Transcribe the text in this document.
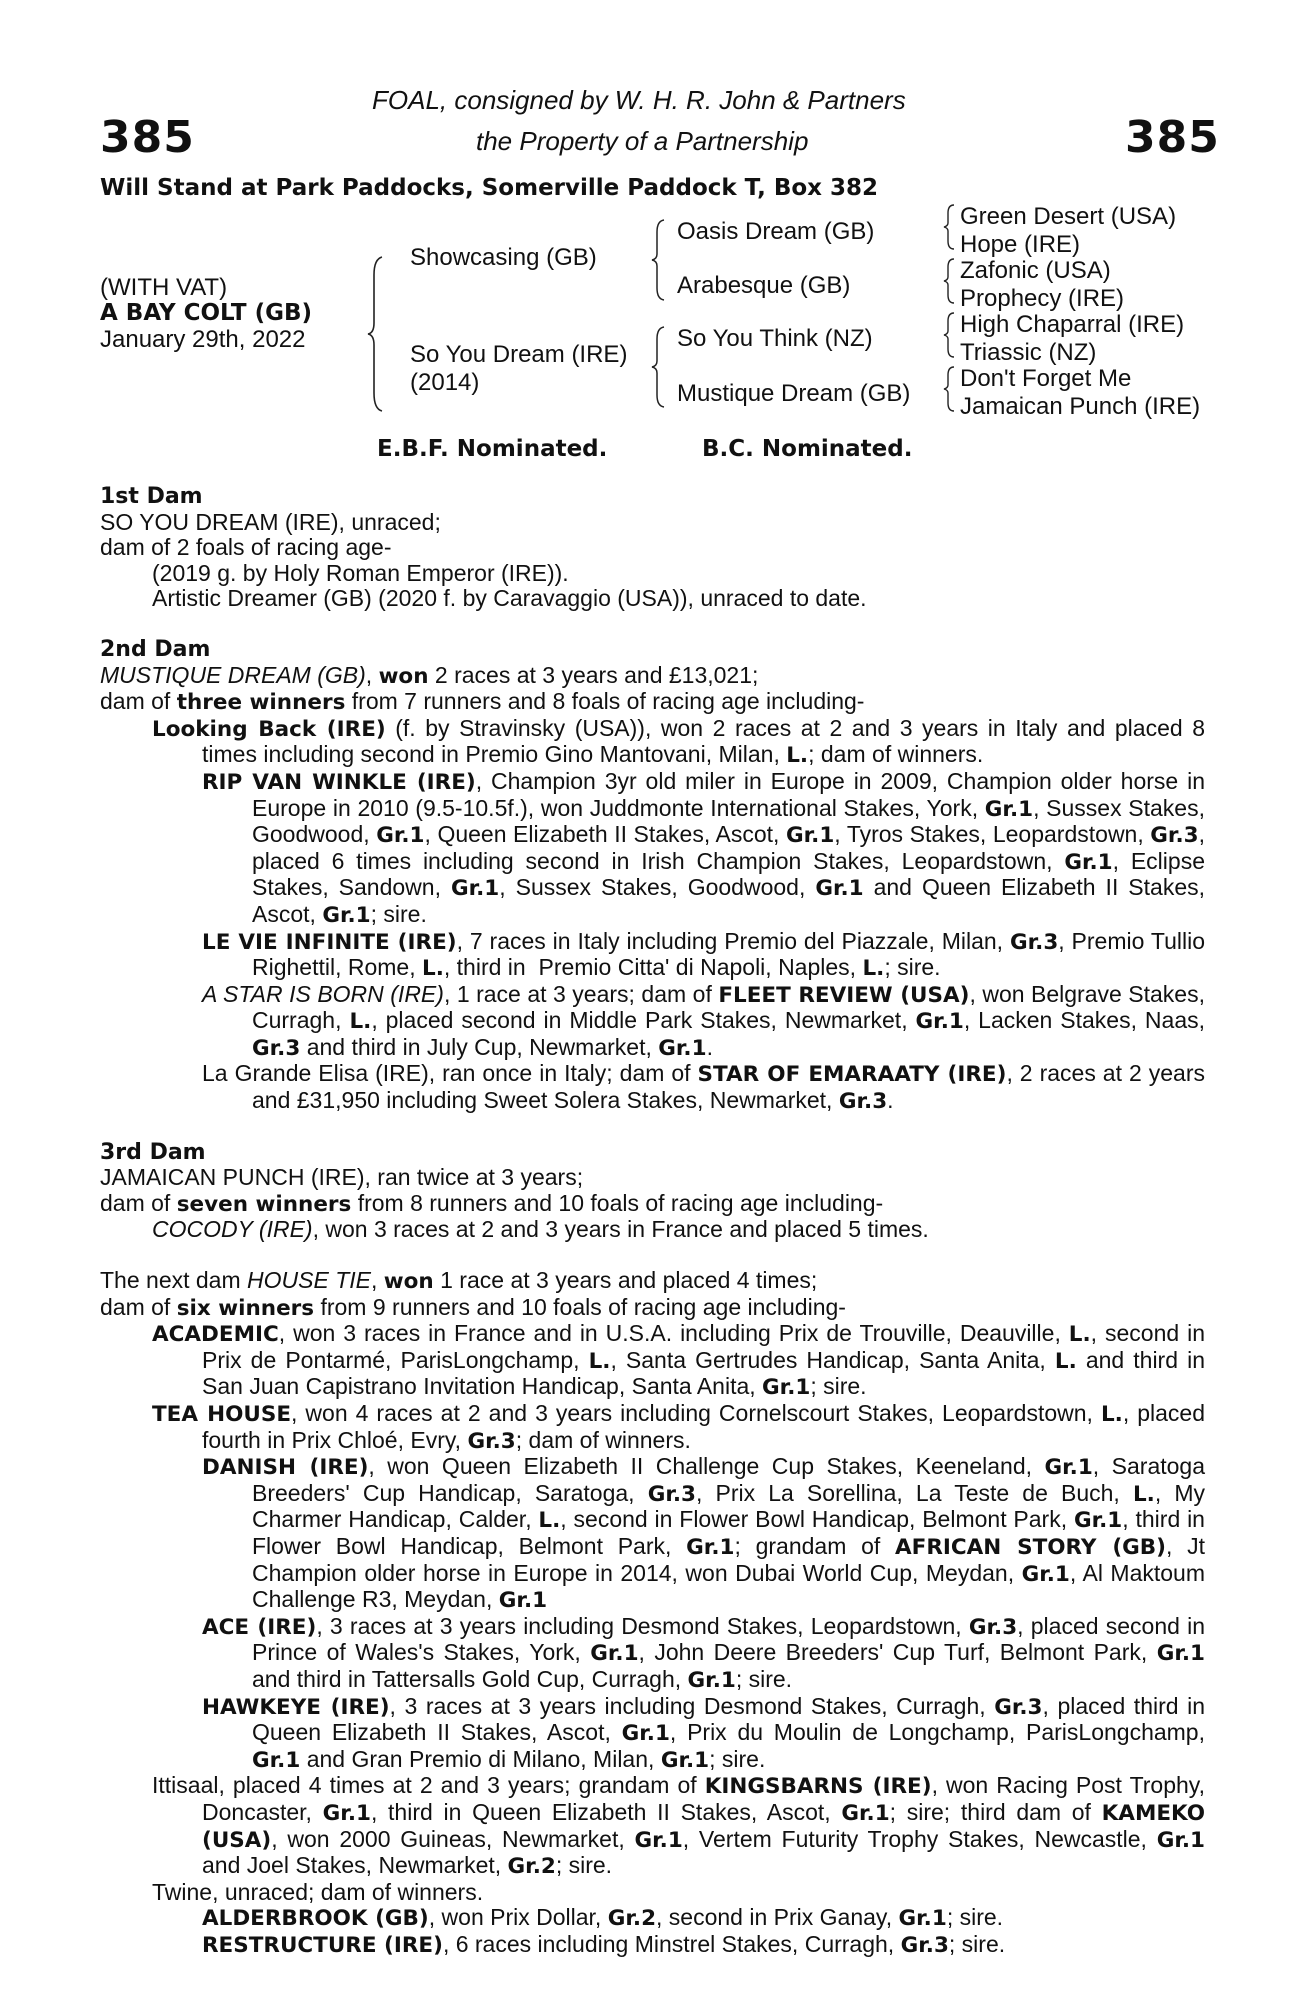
385	385
FOAL, consigned by W. H. R. John & Partners
the Property of a Partnership
Will Stand at Park Paddocks, Somerville Paddock T, Box 382
(WITH VAT)
A BAY COLT (GB)
January 29th, 2022
Showcasing (GB)
So You Dream (IRE)
(2014)
Oasis Dream (GB)
Arabesque (GB)
So You Think (NZ)
Mustique Dream (GB)
Green Desert (USA)
Hope (IRE)
Zafonic (USA)
Prophecy (IRE)
High Chaparral (IRE)
Triassic (NZ)
Don't Forget Me
Jamaican Punch (IRE)
E.B.F. Nominated.	B.C. Nominated.
1st Dam
SO YOU DREAM (IRE), unraced;
dam of 2 foals of racing age-
(2019 g. by Holy Roman Emperor (IRE)).
Artistic Dreamer (GB) (2020 f. by Caravaggio (USA)), unraced to date.
2nd Dam
MUSTIQUE DREAM (GB), won 2 races at 3 years and £13,021;
dam of three winners from 7 runners and 8 foals of racing age including-
Looking Back (IRE) (f. by Stravinsky (USA)), won 2 races at 2 and 3 years in Italy and placed 8 times including second in Premio Gino Mantovani, Milan, L.; dam of winners.
RIP VAN WINKLE (IRE), Champion 3yr old miler in Europe in 2009, Champion older horse in Europe in 2010 (9.5-10.5f.), won Juddmonte International Stakes, York, Gr.1, Sussex Stakes, Goodwood, Gr.1, Queen Elizabeth II Stakes, Ascot, Gr.1, Tyros Stakes, Leopardstown, Gr.3, placed 6 times including second in Irish Champion Stakes, Leopardstown, Gr.1, Eclipse Stakes, Sandown, Gr.1, Sussex Stakes, Goodwood, Gr.1 and Queen Elizabeth II Stakes, Ascot, Gr.1; sire.
LE VIE INFINITE (IRE), 7 races in Italy including Premio del Piazzale, Milan, Gr.3, Premio Tullio Righettil, Rome, L., third in  Premio Citta' di Napoli, Naples, L.; sire.
A STAR IS BORN (IRE), 1 race at 3 years; dam of FLEET REVIEW (USA), won Belgrave Stakes, Curragh, L., placed second in Middle Park Stakes, Newmarket, Gr.1, Lacken Stakes, Naas, Gr.3 and third in July Cup, Newmarket, Gr.1.
La Grande Elisa (IRE), ran once in Italy; dam of STAR OF EMARAATY (IRE), 2 races at 2 years and £31,950 including Sweet Solera Stakes, Newmarket, Gr.3.
3rd Dam
JAMAICAN PUNCH (IRE), ran twice at 3 years;
dam of seven winners from 8 runners and 10 foals of racing age including-
COCODY (IRE), won 3 races at 2 and 3 years in France and placed 5 times.
The next dam HOUSE TIE, won 1 race at 3 years and placed 4 times;
dam of six winners from 9 runners and 10 foals of racing age including-
ACADEMIC, won 3 races in France and in U.S.A. including Prix de Trouville, Deauville, L., second in Prix de Pontarmé, ParisLongchamp, L., Santa Gertrudes Handicap, Santa Anita, L. and third in San Juan Capistrano Invitation Handicap, Santa Anita, Gr.1; sire.
TEA HOUSE, won 4 races at 2 and 3 years including Cornelscourt Stakes, Leopardstown, L., placed fourth in Prix Chloé, Evry, Gr.3; dam of winners.
DANISH (IRE), won Queen Elizabeth II Challenge Cup Stakes, Keeneland, Gr.1, Saratoga Breeders' Cup Handicap, Saratoga, Gr.3, Prix La Sorellina, La Teste de Buch, L., My Charmer Handicap, Calder, L., second in Flower Bowl Handicap, Belmont Park, Gr.1, third in Flower Bowl Handicap, Belmont Park, Gr.1; grandam of AFRICAN STORY (GB), Jt Champion older horse in Europe in 2014, won Dubai World Cup, Meydan, Gr.1, Al Maktoum Challenge R3, Meydan, Gr.1
ACE (IRE), 3 races at 3 years including Desmond Stakes, Leopardstown, Gr.3, placed second in Prince of Wales's Stakes, York, Gr.1, John Deere Breeders' Cup Turf, Belmont Park, Gr.1 and third in Tattersalls Gold Cup, Curragh, Gr.1; sire.
HAWKEYE (IRE), 3 races at 3 years including Desmond Stakes, Curragh, Gr.3, placed third in Queen Elizabeth II Stakes, Ascot, Gr.1, Prix du Moulin de Longchamp, ParisLongchamp, Gr.1 and Gran Premio di Milano, Milan, Gr.1; sire.
Ittisaal, placed 4 times at 2 and 3 years; grandam of KINGSBARNS (IRE), won Racing Post Trophy, Doncaster, Gr.1, third in Queen Elizabeth II Stakes, Ascot, Gr.1; sire; third dam of KAMEKO (USA), won 2000 Guineas, Newmarket, Gr.1, Vertem Futurity Trophy Stakes, Newcastle, Gr.1 and Joel Stakes, Newmarket, Gr.2; sire.
Twine, unraced; dam of winners.
ALDERBROOK (GB), won Prix Dollar, Gr.2, second in Prix Ganay, Gr.1; sire.
RESTRUCTURE (IRE), 6 races including Minstrel Stakes, Curragh, Gr.3; sire.
